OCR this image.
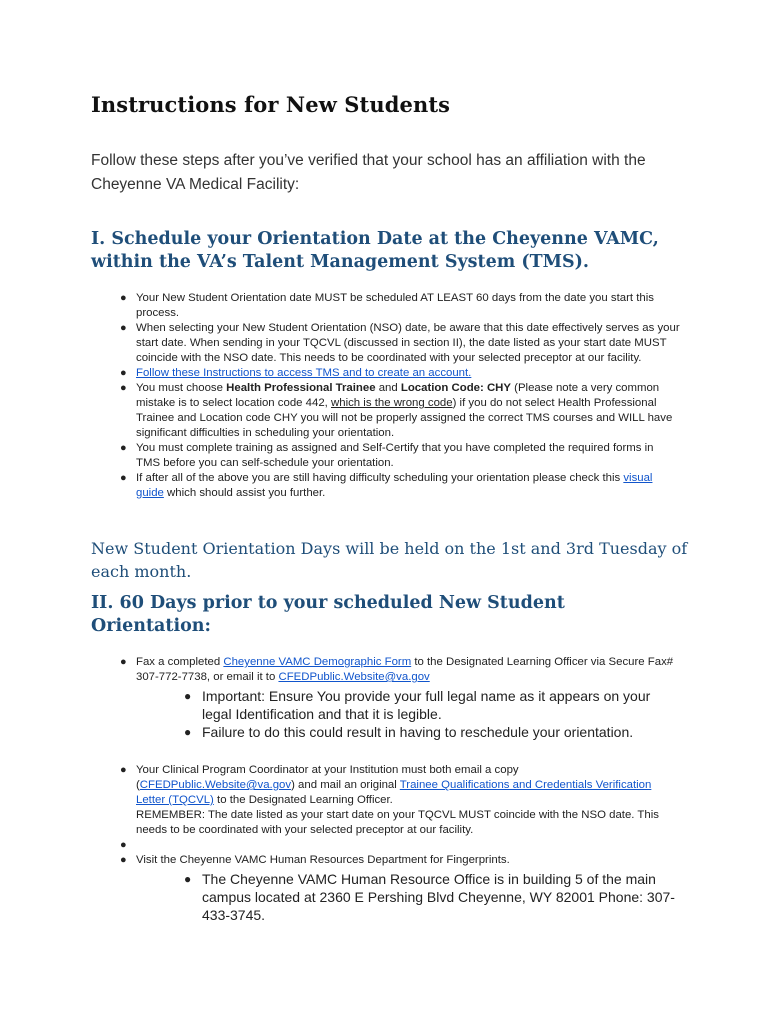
Instructions for New Students

Follow these steps after you’ve verified that your school has an affiliation with the Cheyenne VA Medical Facility:

I. Schedule your Orientation Date at the Cheyenne VAMC, within the VA’s Talent Management System (TMS).

● Your New Student Orientation date MUST be scheduled AT LEAST 60 days from the date you start this process.
● When selecting your New Student Orientation (NSO) date, be aware that this date effectively serves as your start date. When sending in your TQCVL (discussed in section II), the date listed as your start date MUST coincide with the NSO date. This needs to be coordinated with your selected preceptor at our facility.
● Follow these Instructions to access TMS and to create an account.
● You must choose Health Professional Trainee and Location Code: CHY (Please note a very common mistake is to select location code 442, which is the wrong code) if you do not select Health Professional Trainee and Location code CHY you will not be properly assigned the correct TMS courses and WILL have significant difficulties in scheduling your orientation.
● You must complete training as assigned and Self-Certify that you have completed the required forms in TMS before you can self-schedule your orientation.
● If after all of the above you are still having difficulty scheduling your orientation please check this visual guide which should assist you further.

New Student Orientation Days will be held on the 1st and 3rd Tuesday of each month.

II. 60 Days prior to your scheduled New Student Orientation:

● Fax a completed Cheyenne VAMC Demographic Form to the Designated Learning Officer via Secure Fax# 307-772-7738, or email it to CFEDPublic.Website@va.gov
● Important: Ensure You provide your full legal name as it appears on your legal Identification and that it is legible.
● Failure to do this could result in having to reschedule your orientation.
● Your Clinical Program Coordinator at your Institution must both email a copy (CFEDPublic.Website@va.gov) and mail an original Trainee Qualifications and Credentials Verification Letter (TQCVL) to the Designated Learning Officer.
REMEMBER: The date listed as your start date on your TQCVL MUST coincide with the NSO date. This needs to be coordinated with your selected preceptor at our facility.
●

● Visit the Cheyenne VAMC Human Resources Department for Fingerprints.
● The Cheyenne VAMC Human Resource Office is in building 5 of the main campus located at 2360 E Pershing Blvd Cheyenne, WY 82001 Phone: 307-433-3745.
